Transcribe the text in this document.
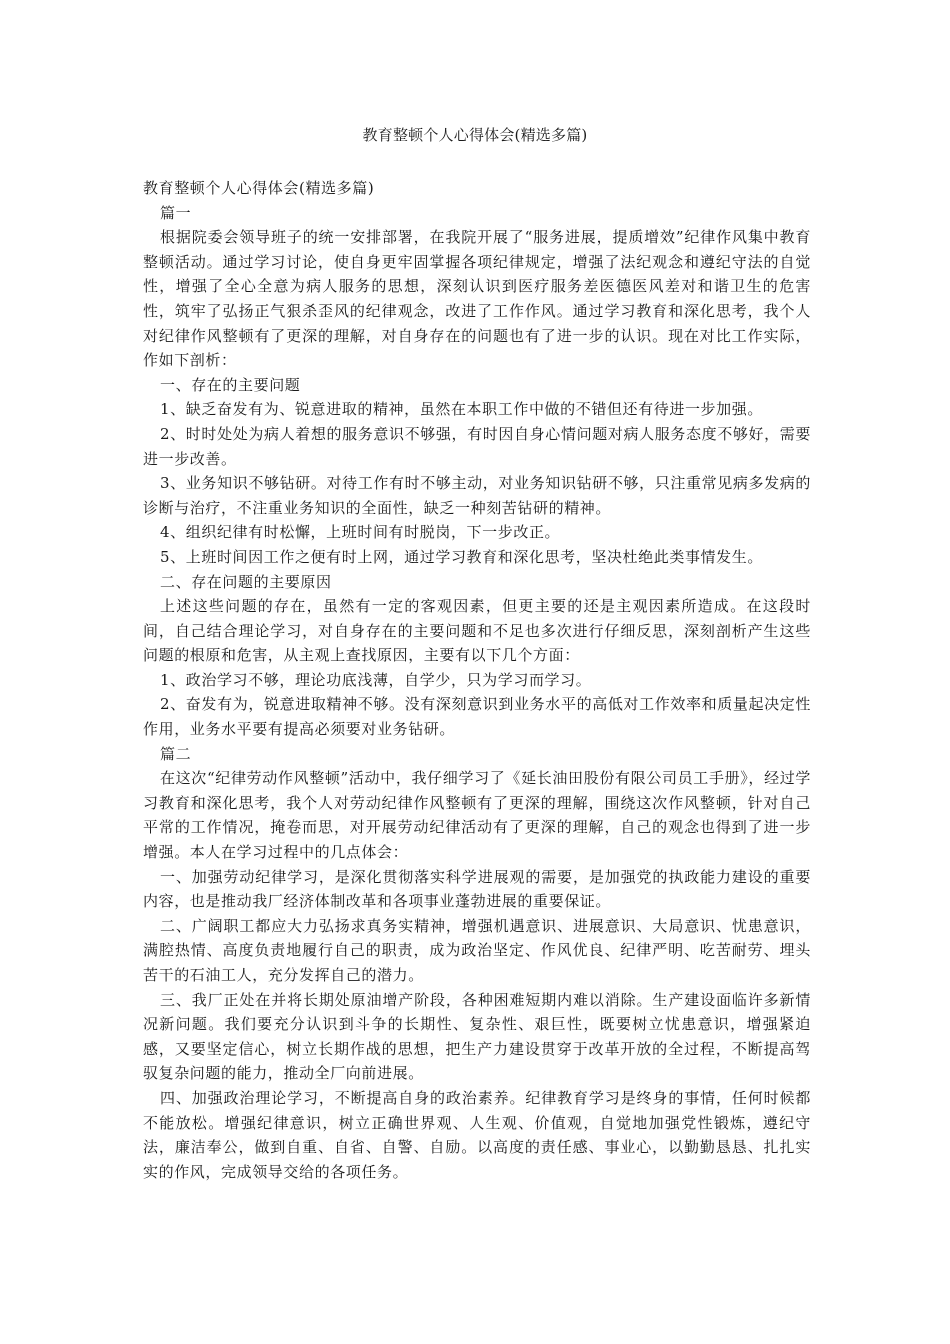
教育整顿个人心得体会(精选多篇)

教育整顿个人心得体会(精选多篇)

篇一

根据院委会领导班子的统一安排部署，在我院开展了“服务进展，提质增效”纪律作风集中教育整顿活动。通过学习讨论，使自身更牢固掌握各项纪律规定，增强了法纪观念和遵纪守法的自觉性，增强了全心全意为病人服务的思想，深刻认识到医疗服务差医德医风差对和谐卫生的危害性，筑牢了弘扬正气狠杀歪风的纪律观念，改进了工作作风。通过学习教育和深化思考，我个人对纪律作风整顿有了更深的理解，对自身存在的问题也有了进一步的认识。现在对比工作实际，作如下剖析：

一、存在的主要问题

1、缺乏奋发有为、锐意进取的精神，虽然在本职工作中做的不错但还有待进一步加强。

2、时时处处为病人着想的服务意识不够强，有时因自身心情问题对病人服务态度不够好，需要进一步改善。

3、业务知识不够钻研。对待工作有时不够主动，对业务知识钻研不够，只注重常见病多发病的诊断与治疗，不注重业务知识的全面性，缺乏一种刻苦钻研的精神。

4、组织纪律有时松懈，上班时间有时脱岗，下一步改正。

5、上班时间因工作之便有时上网，通过学习教育和深化思考，坚决杜绝此类事情发生。

二、存在问题的主要原因

上述这些问题的存在，虽然有一定的客观因素，但更主要的还是主观因素所造成。在这段时间，自己结合理论学习，对自身存在的主要问题和不足也多次进行仔细反思，深刻剖析产生这些问题的根原和危害，从主观上查找原因，主要有以下几个方面：

1、政治学习不够，理论功底浅薄，自学少，只为学习而学习。

2、奋发有为，锐意进取精神不够。没有深刻意识到业务水平的高低对工作效率和质量起决定性作用，业务水平要有提高必须要对业务钻研。

篇二

在这次“纪律劳动作风整顿”活动中，我仔细学习了《延长油田股份有限公司员工手册》，经过学习教育和深化思考，我个人对劳动纪律作风整顿有了更深的理解，围绕这次作风整顿，针对自己平常的工作情况，掩卷而思，对开展劳动纪律活动有了更深的理解，自己的观念也得到了进一步增强。本人在学习过程中的几点体会：

一、加强劳动纪律学习，是深化贯彻落实科学进展观的需要，是加强党的执政能力建设的重要内容，也是推动我厂经济体制改革和各项事业蓬勃进展的重要保证。

二、广阔职工都应大力弘扬求真务实精神，增强机遇意识、进展意识、大局意识、忧患意识，满腔热情、高度负责地履行自己的职责，成为政治坚定、作风优良、纪律严明、吃苦耐劳、埋头苦干的石油工人，充分发挥自己的潜力。

三、我厂正处在并将长期处原油增产阶段，各种困难短期内难以消除。生产建设面临许多新情况新问题。我们要充分认识到斗争的长期性、复杂性、艰巨性，既要树立忧患意识，增强紧迫感，又要坚定信心，树立长期作战的思想，把生产力建设贯穿于改革开放的全过程，不断提高驾驭复杂问题的能力，推动全厂向前进展。

四、加强政治理论学习，不断提高自身的政治素养。纪律教育学习是终身的事情，任何时候都不能放松。增强纪律意识，树立正确世界观、人生观、价值观，自觉地加强党性锻炼，遵纪守法，廉洁奉公，做到自重、自省、自警、自励。以高度的责任感、事业心，以勤勤恳恳、扎扎实实的作风，完成领导交给的各项任务。
